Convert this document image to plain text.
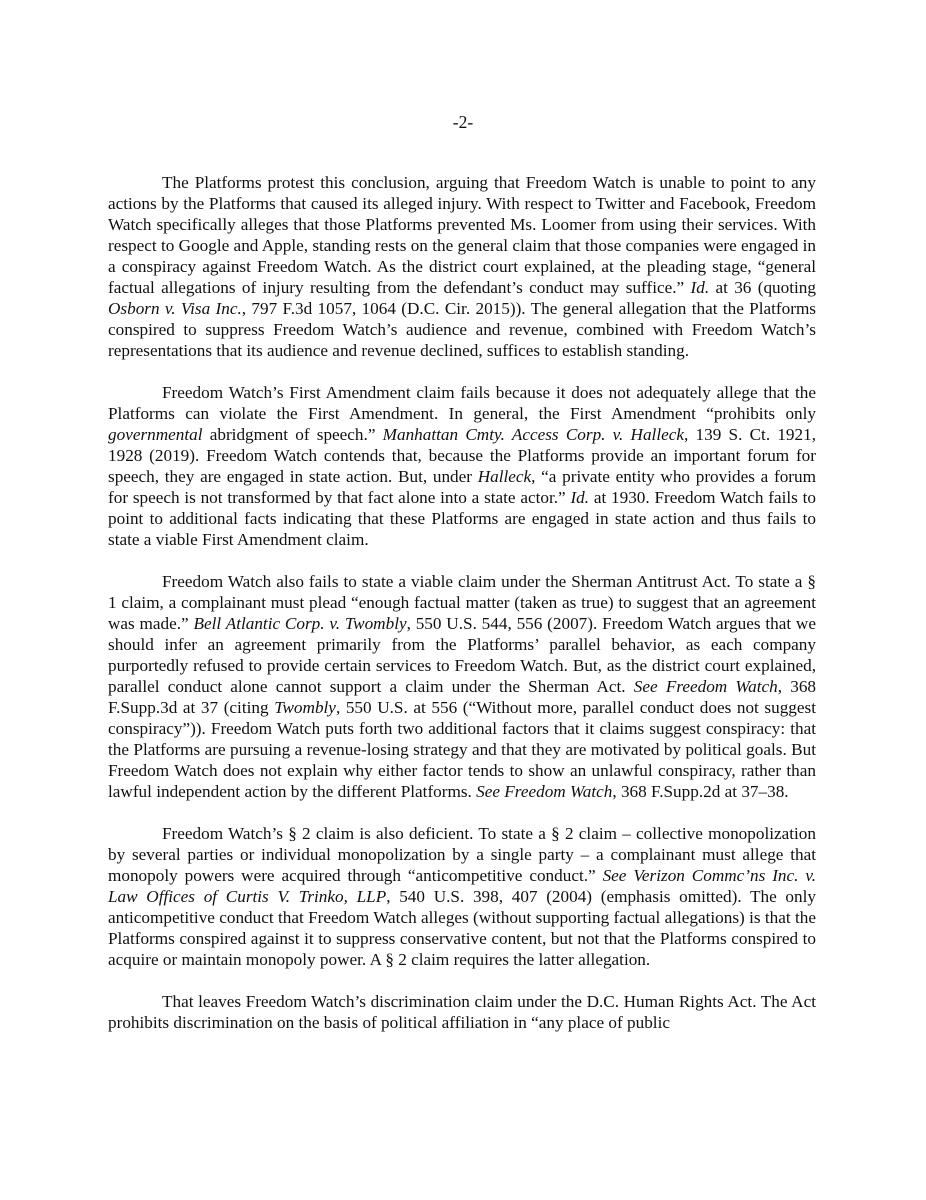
-2-

The Platforms protest this conclusion, arguing that Freedom Watch is unable to point to any actions by the Platforms that caused its alleged injury. With respect to Twitter and Facebook, Freedom Watch specifically alleges that those Platforms prevented Ms. Loomer from using their services. With respect to Google and Apple, standing rests on the general claim that those companies were engaged in a conspiracy against Freedom Watch. As the district court explained, at the pleading stage, “general factual allegations of injury resulting from the defendant’s conduct may suffice.” Id. at 36 (quoting Osborn v. Visa Inc., 797 F.3d 1057, 1064 (D.C. Cir. 2015)). The general allegation that the Platforms conspired to suppress Freedom Watch’s audience and revenue, combined with Freedom Watch’s representations that its audience and revenue declined, suffices to establish standing.

Freedom Watch’s First Amendment claim fails because it does not adequately allege that the Platforms can violate the First Amendment. In general, the First Amendment “prohibits only governmental abridgment of speech.” Manhattan Cmty. Access Corp. v. Halleck, 139 S. Ct. 1921, 1928 (2019). Freedom Watch contends that, because the Platforms provide an important forum for speech, they are engaged in state action. But, under Halleck, “a private entity who provides a forum for speech is not transformed by that fact alone into a state actor.” Id. at 1930. Freedom Watch fails to point to additional facts indicating that these Platforms are engaged in state action and thus fails to state a viable First Amendment claim.

Freedom Watch also fails to state a viable claim under the Sherman Antitrust Act. To state a § 1 claim, a complainant must plead “enough factual matter (taken as true) to suggest that an agreement was made.” Bell Atlantic Corp. v. Twombly, 550 U.S. 544, 556 (2007). Freedom Watch argues that we should infer an agreement primarily from the Platforms’ parallel behavior, as each company purportedly refused to provide certain services to Freedom Watch. But, as the district court explained, parallel conduct alone cannot support a claim under the Sherman Act. See Freedom Watch, 368 F.Supp.3d at 37 (citing Twombly, 550 U.S. at 556 (“Without more, parallel conduct does not suggest conspiracy”)). Freedom Watch puts forth two additional factors that it claims suggest conspiracy: that the Platforms are pursuing a revenue-losing strategy and that they are motivated by political goals. But Freedom Watch does not explain why either factor tends to show an unlawful conspiracy, rather than lawful independent action by the different Platforms. See Freedom Watch, 368 F.Supp.2d at 37–38.

Freedom Watch’s § 2 claim is also deficient. To state a § 2 claim – collective monopolization by several parties or individual monopolization by a single party – a complainant must allege that monopoly powers were acquired through “anticompetitive conduct.” See Verizon Commc’ns Inc. v. Law Offices of Curtis V. Trinko, LLP, 540 U.S. 398, 407 (2004) (emphasis omitted). The only anticompetitive conduct that Freedom Watch alleges (without supporting factual allegations) is that the Platforms conspired against it to suppress conservative content, but not that the Platforms conspired to acquire or maintain monopoly power. A § 2 claim requires the latter allegation.

That leaves Freedom Watch’s discrimination claim under the D.C. Human Rights Act. The Act prohibits discrimination on the basis of political affiliation in “any place of public
